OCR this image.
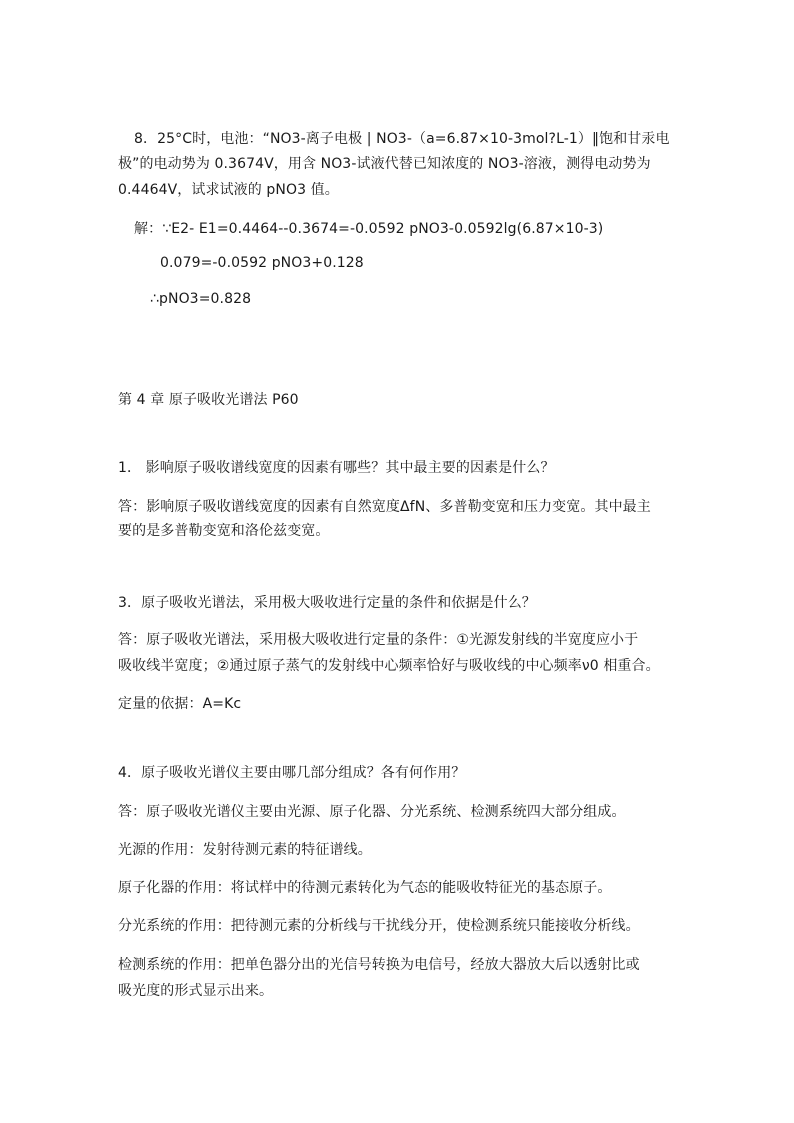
8．25°C时，电池：“NO3-离子电极 | NO3-（a=6.87×10-3mol?L-1）‖饱和甘汞电
极”的电动势为 0.3674V，用含 NO3-试液代替已知浓度的 NO3-溶液，测得电动势为
0.4464V，试求试液的 pNO3 值。
解：∵E2- E1=0.4464--0.3674=-0.0592 pNO3-0.0592lg(6.87×10-3)
0.079=-0.0592 pNO3+0.128
∴pNO3=0.828
第 4 章 原子吸收光谱法 P60
1． 影响原子吸收谱线宽度的因素有哪些？其中最主要的因素是什么？
答：影响原子吸收谱线宽度的因素有自然宽度ΔfN、多普勒变宽和压力变宽。其中最主
要的是多普勒变宽和洛伦兹变宽。
3．原子吸收光谱法，采用极大吸收进行定量的条件和依据是什么？
答：原子吸收光谱法，采用极大吸收进行定量的条件：①光源发射线的半宽度应小于
吸收线半宽度；②通过原子蒸气的发射线中心频率恰好与吸收线的中心频率ν0 相重合。
定量的依据：A=Kc
4．原子吸收光谱仪主要由哪几部分组成？各有何作用？
答：原子吸收光谱仪主要由光源、原子化器、分光系统、检测系统四大部分组成。
光源的作用：发射待测元素的特征谱线。
原子化器的作用：将试样中的待测元素转化为气态的能吸收特征光的基态原子。
分光系统的作用：把待测元素的分析线与干扰线分开，使检测系统只能接收分析线。
检测系统的作用：把单色器分出的光信号转换为电信号，经放大器放大后以透射比或
吸光度的形式显示出来。
